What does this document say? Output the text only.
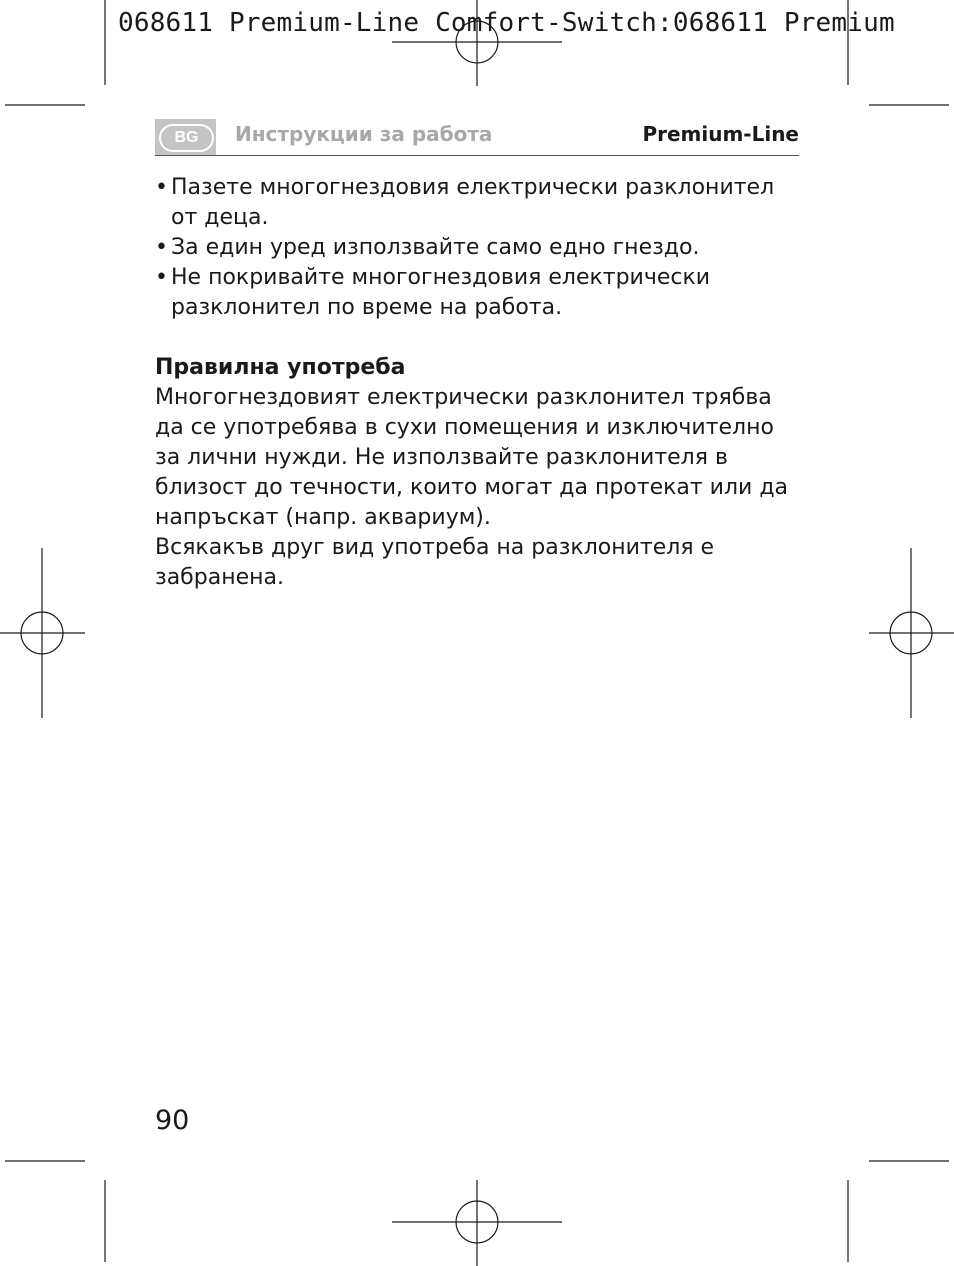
068611 Premium-Line Comfort-Switch:068611 Premium
BG	Инструкции за работа	Premium-Line
• Пазете многогнездовия електрически разклонител
от деца.
• За един уред използвайте само едно гнездо.
• Не покривайте многогнездовия електрически
разклонител по време на работа.
Правилна употреба
Многогнездовият електрически разклонител трябва
да се употребява в сухи помещения и изключително
за лични нужди. Не използвайте разклонителя в
близост до течности, които могат да протекат или да
напръскат (напр. аквариум).
Всякакъв друг вид употреба на разклонителя е
забранена.
90
